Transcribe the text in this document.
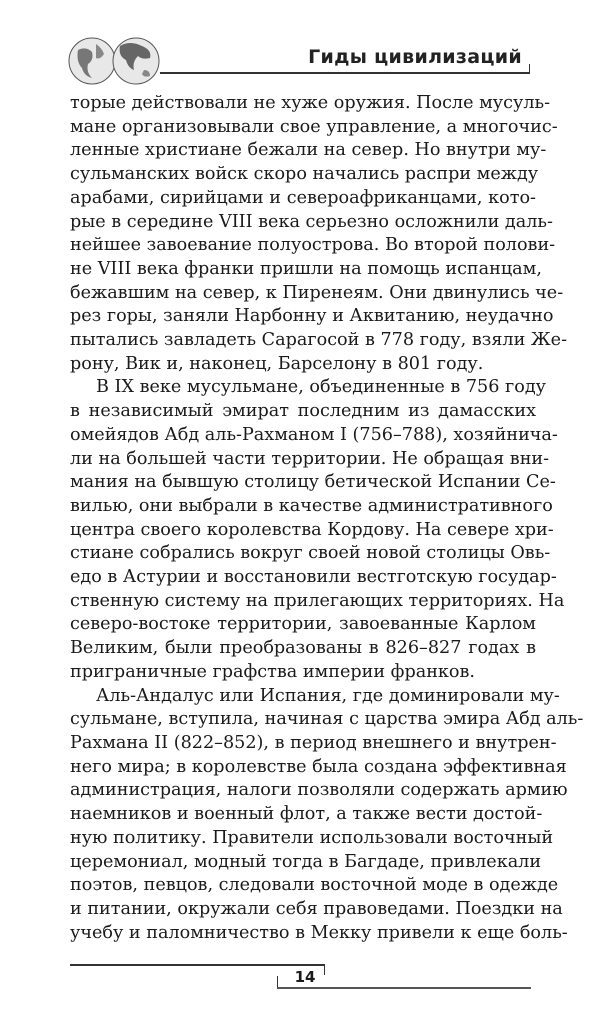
Гиды цивилизаций
торые действовали не хуже оружия. После мусуль-
мане организовывали свое управление, а многочис-
ленные христиане бежали на север. Но внутри му-
сульманских войск скоро начались распри между
арабами, сирийцами и североафриканцами, кото-
рые в середине VIII века серьезно осложнили даль-
нейшее завоевание полуострова. Во второй полови-
не VIII века франки пришли на помощь испанцам,
бежавшим на север, к Пиренеям. Они двинулись че-
рез горы, заняли Нарбонну и Аквитанию, неудачно
пытались завладеть Сарагосой в 778 году, взяли Же-
рону, Вик и, наконец, Барселону в 801 году.
В IX веке мусульмане, объединенные в 756 году
в независимый эмират последним из дамасских
омейядов Абд аль-Рахманом I (756–788), хозяйнича-
ли на большей части территории. Не обращая вни-
мания на бывшую столицу бетической Испании Се-
вилью, они выбрали в качестве административного
центра своего королевства Кордову. На севере хри-
стиане собрались вокруг своей новой столицы Овь-
едо в Астурии и восстановили вестготскую государ-
ственную систему на прилегающих территориях. На
северо-востоке территории, завоеванные Карлом
Великим, были преобразованы в 826–827 годах в
приграничные графства империи франков.
Аль-Андалус или Испания, где доминировали му-
сульмане, вступила, начиная с царства эмира Абд аль-
Рахмана II (822–852), в период внешнего и внутрен-
него мира; в королевстве была создана эффективная
администрация, налоги позволяли содержать армию
наемников и военный флот, а также вести достой-
ную политику. Правители использовали восточный
церемониал, модный тогда в Багдаде, привлекали
поэтов, певцов, следовали восточной моде в одежде
и питании, окружали себя правоведами. Поездки на
учебу и паломничество в Мекку привели к еще боль-
14
